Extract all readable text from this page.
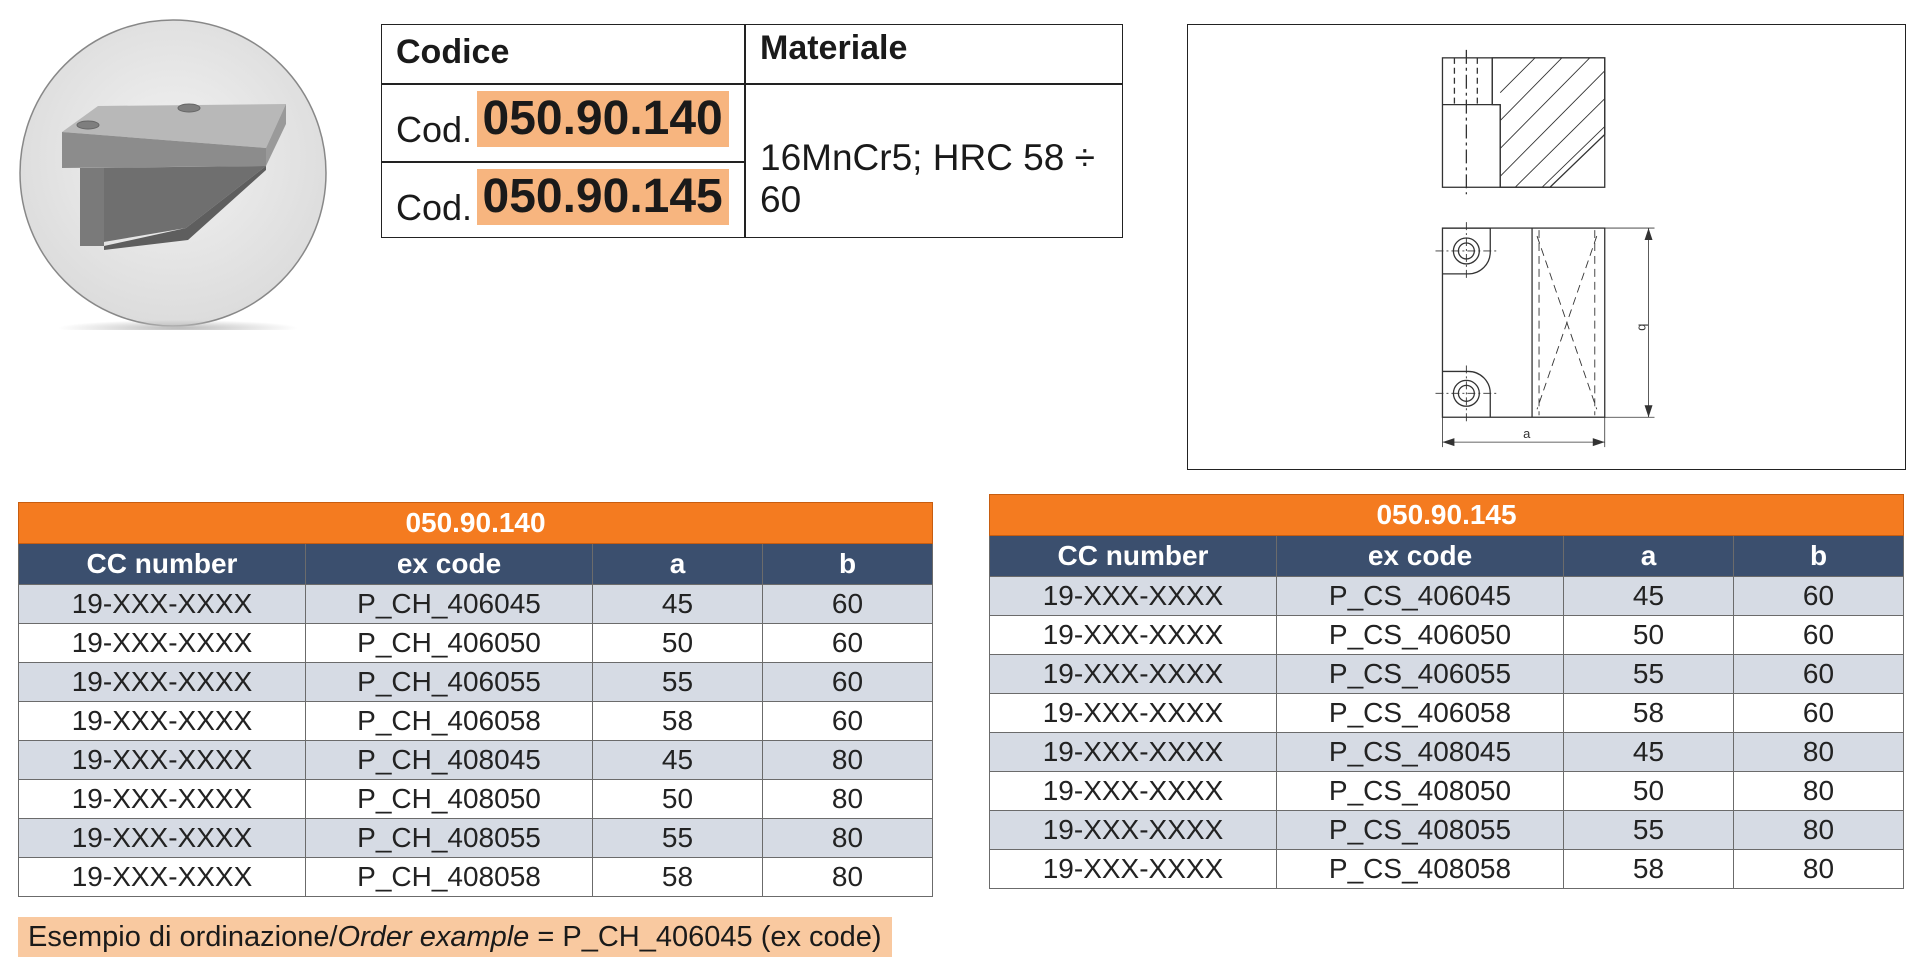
Codice	Materiale
Cod. 050.90.140
Cod. 050.90.145
16MnCr5; HRC 58 ÷ 60
a
b
050.90.140			
CC number	ex code	a	b
19-XXX-XXXX	P_CH_406045	45	60
19-XXX-XXXX	P_CH_406050	50	60
19-XXX-XXXX	P_CH_406055	55	60
19-XXX-XXXX	P_CH_406058	58	60
19-XXX-XXXX	P_CH_408045	45	80
19-XXX-XXXX	P_CH_408050	50	80
19-XXX-XXXX	P_CH_408055	55	80
19-XXX-XXXX	P_CH_408058	58	80
050.90.145			
CC number	ex code	a	b
19-XXX-XXXX	P_CS_406045	45	60
19-XXX-XXXX	P_CS_406050	50	60
19-XXX-XXXX	P_CS_406055	55	60
19-XXX-XXXX	P_CS_406058	58	60
19-XXX-XXXX	P_CS_408045	45	80
19-XXX-XXXX	P_CS_408050	50	80
19-XXX-XXXX	P_CS_408055	55	80
19-XXX-XXXX	P_CS_408058	58	80
Esempio di ordinazione/Order example = P_CH_406045 (ex code)
